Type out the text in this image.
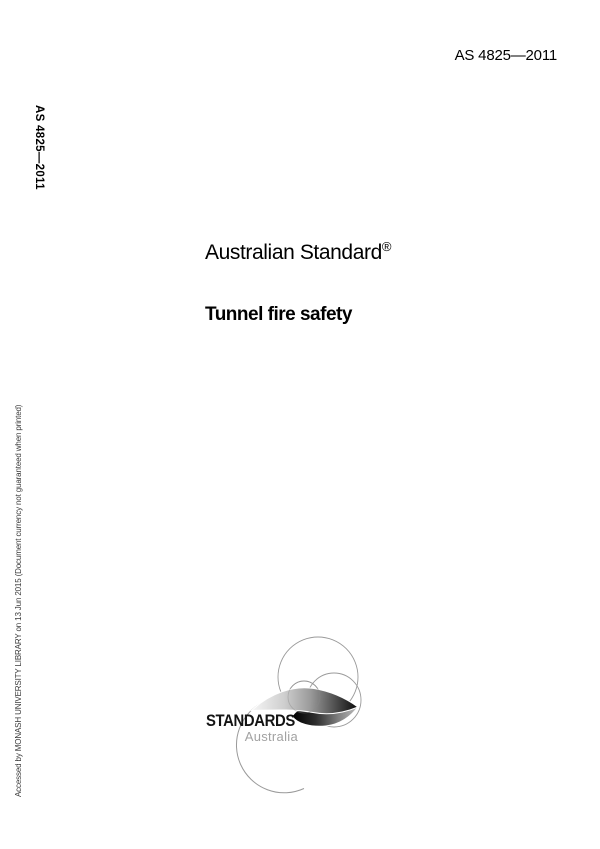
AS 4825—2011
AS 4825—2011
Accessed by MONASH UNIVERSITY LIBRARY on 13 Jun 2015 (Document currency not guaranteed when printed)
Australian Standard®
Tunnel fire safety
STANDARDS
Australia
